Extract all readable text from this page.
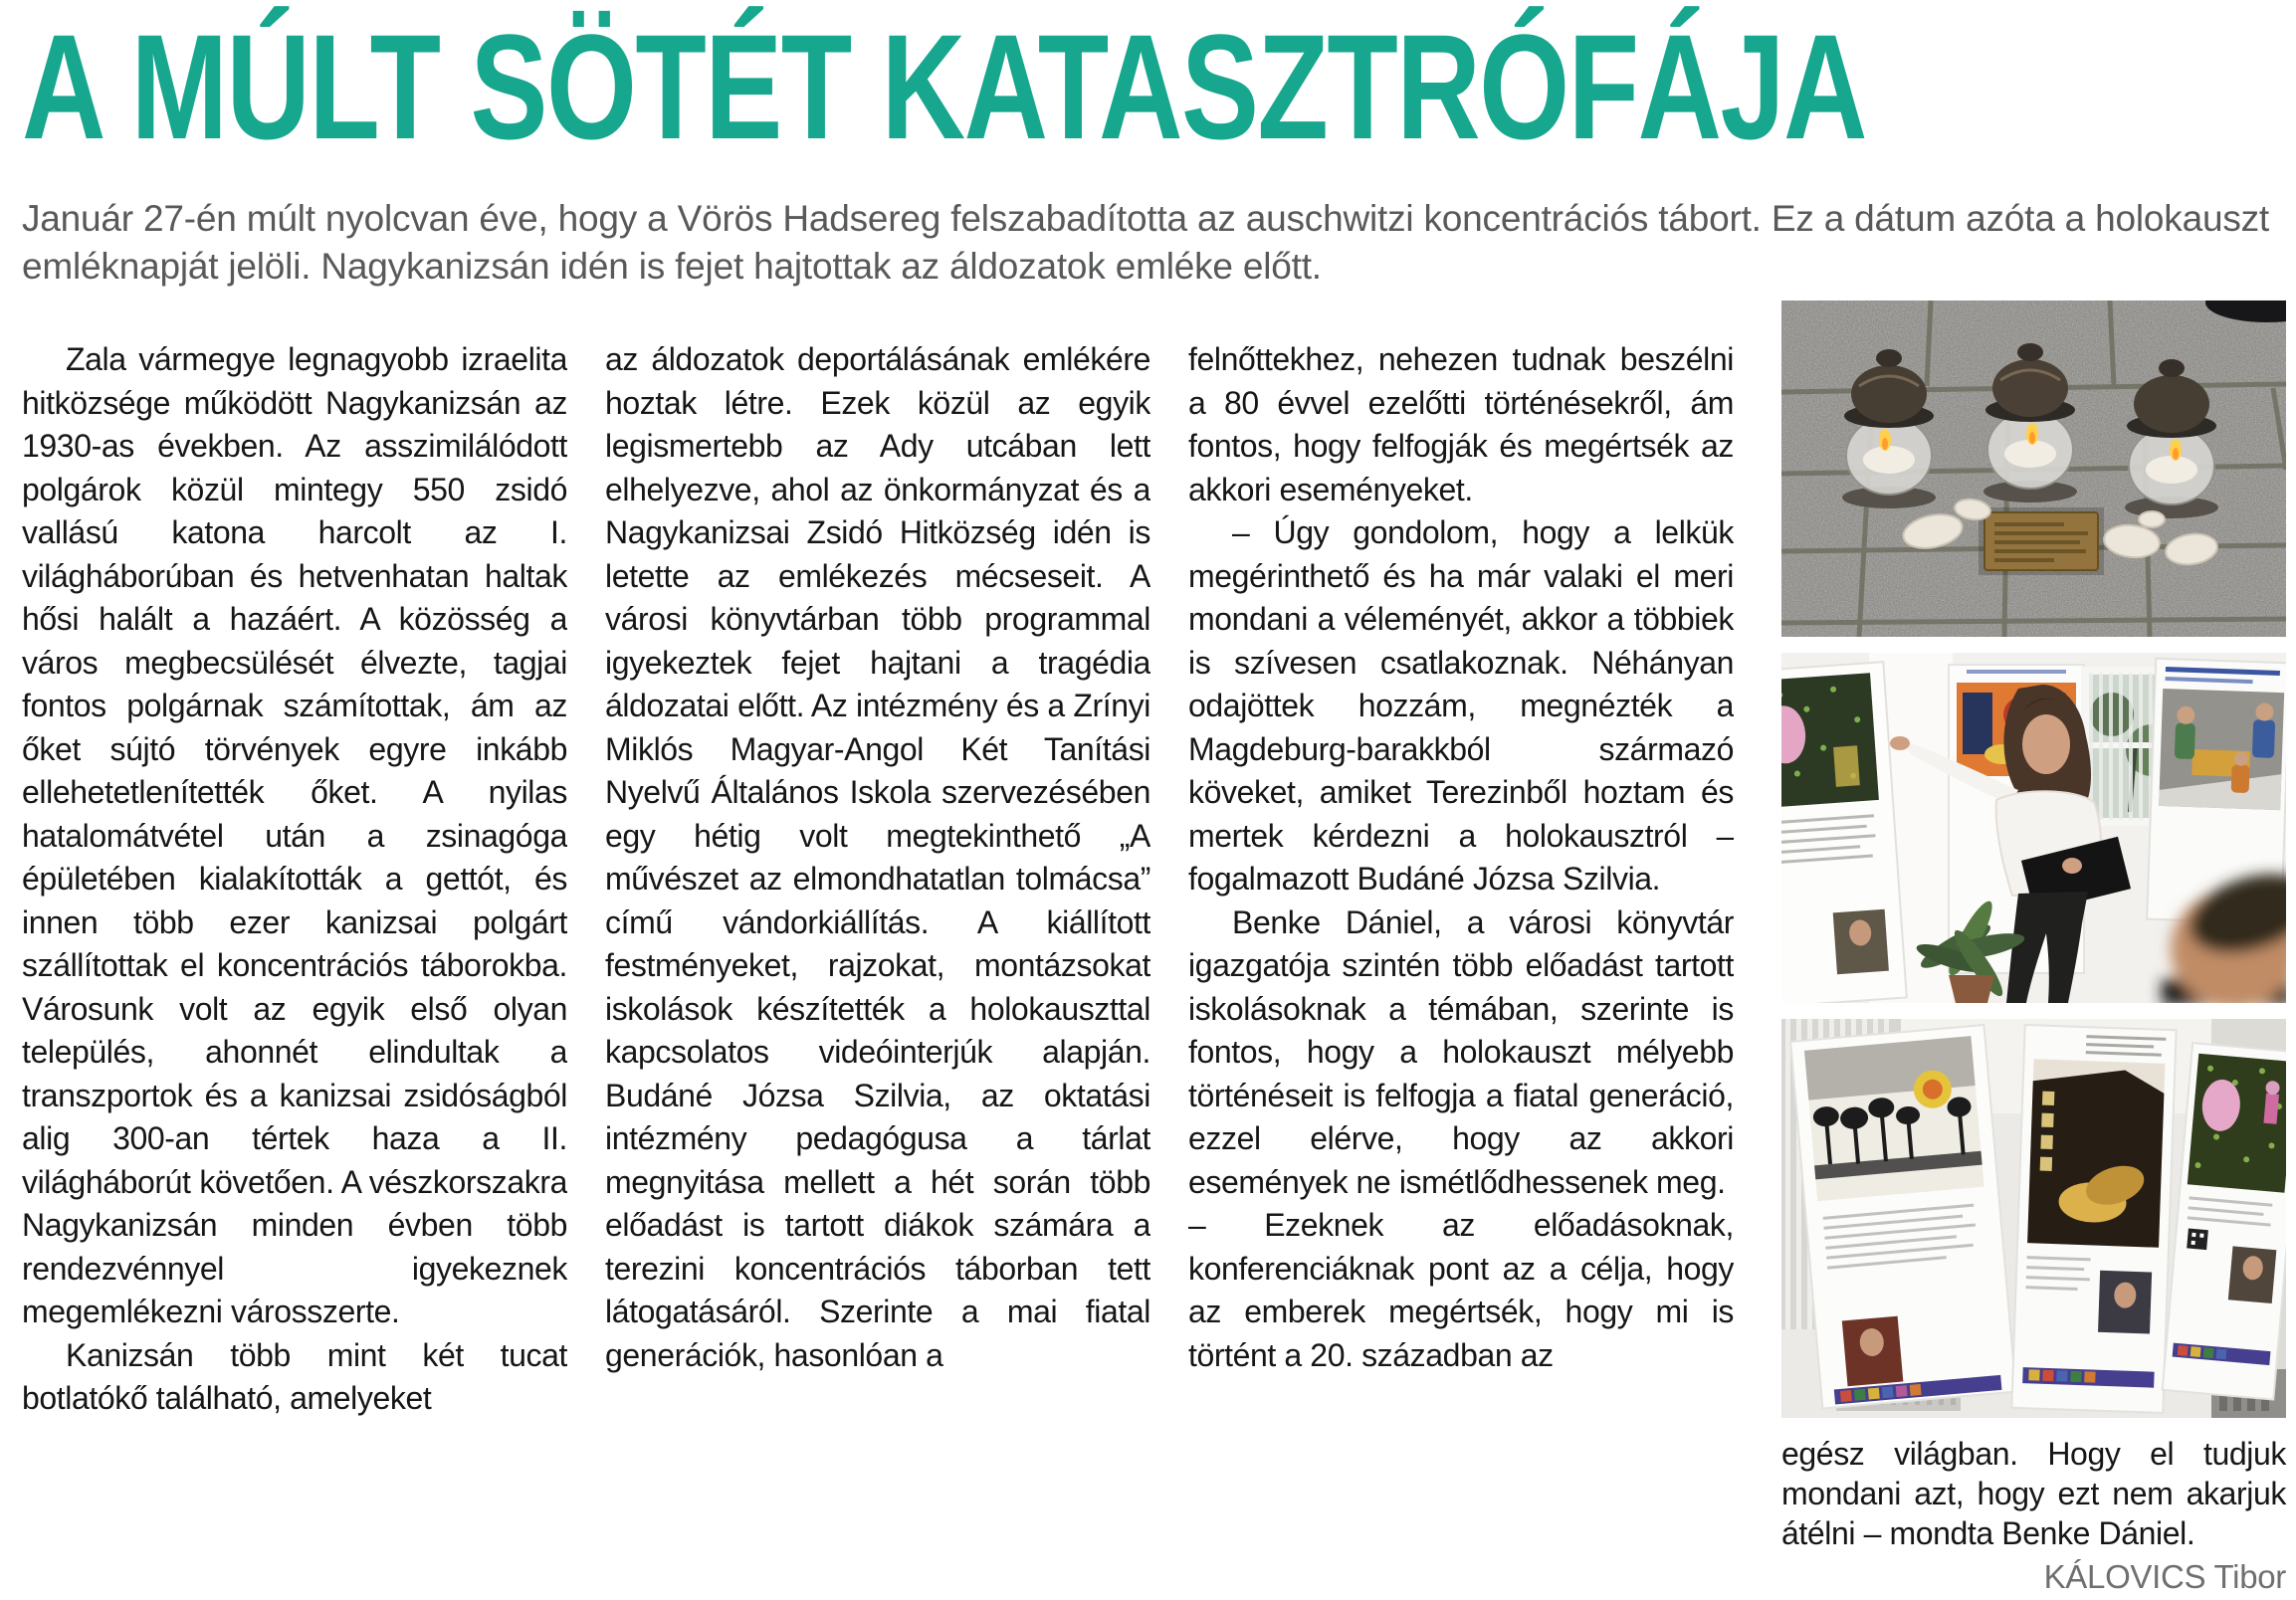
A MÚLT SÖTÉT KATASZTRÓFÁJA

Január 27-én múlt nyolcvan éve, hogy a Vörös Hadsereg felszabadította az auschwitzi koncentrációs tábort. Ez a dátum azóta a holokauszt emléknapját jelöli. Nagykanizsán idén is fejet hajtottak az áldozatok emléke előtt.

Zala vármegye legnagyobb izraelita hitközsége működött Nagykanizsán az 1930-as években. Az asszimilálódott polgárok közül mintegy 550 zsidó vallású katona harcolt az I. világháborúban és hetvenhatan haltak hősi halált a hazáért. A közösség a város megbecsülését élvezte, tagjai fontos polgárnak számítottak, ám az őket sújtó törvények egyre inkább ellehetetlenítették őket. A nyilas hatalomátvétel után a zsinagóga épületében kialakították a gettót, és innen több ezer kanizsai polgárt szállítottak el koncentrációs táborokba. Városunk volt az egyik első olyan település, ahonnét elindultak a transzportok és a kanizsai zsidóságból alig 300-an tértek haza a II. világháborút követően. A vészkorszakra Nagykanizsán minden évben több rendezvénnyel igyekeznek megemlékezni városszerte.

Kanizsán több mint két tucat botlatókő található, amelyeket

az áldozatok deportálásának emlékére hoztak létre. Ezek közül az egyik legismertebb az Ady utcában lett elhelyezve, ahol az önkormányzat és a Nagykanizsai Zsidó Hitközség idén is letette az emlékezés mécseseit. A városi könyvtárban több programmal igyekeztek fejet hajtani a tragédia áldozatai előtt. Az intézmény és a Zrínyi Miklós Magyar-Angol Két Tanítási Nyelvű Általános Iskola szervezésében egy hétig volt megtekinthető „A művészet az elmondhatatlan tolmácsa” című vándorkiállítás. A kiállított festményeket, rajzokat, montázsokat iskolások készítették a holokauszttal kapcsolatos videóinterjúk alapján. Budáné Józsa Szilvia, az oktatási intézmény pedagógusa a tárlat megnyitása mellett a hét során több előadást is tartott diákok számára a terezini koncentrációs táborban tett látogatásáról. Szerinte a mai fiatal generációk, hasonlóan a

felnőttekhez, nehezen tudnak beszélni a 80 évvel ezelőtti történésekről, ám fontos, hogy felfogják és megértsék az akkori eseményeket.

– Úgy gondolom, hogy a lelkük megérinthető és ha már valaki el meri mondani a véleményét, akkor a többiek is szívesen csatlakoznak. Néhányan odajöttek hozzám, megnézték a Magdeburg-barakkból származó köveket, amiket Terezinből hoztam és mertek kérdezni a holokausztról – fogalmazott Budáné Józsa Szilvia.

Benke Dániel, a városi könyvtár igazgatója szintén több előadást tartott iskolásoknak a témában, szerinte is fontos, hogy a holokauszt mélyebb történéseit is felfogja a fiatal generáció, ezzel elérve, hogy az akkori események ne ismétlődhessenek meg.

– Ezeknek az előadásoknak, konferenciáknak pont az a célja, hogy az emberek megértsék, hogy mi is történt a 20. században az

egész világban. Hogy el tudjuk mondani azt, hogy ezt nem akarjuk átélni – mondta Benke Dániel.

KÁLOVICS Tibor
